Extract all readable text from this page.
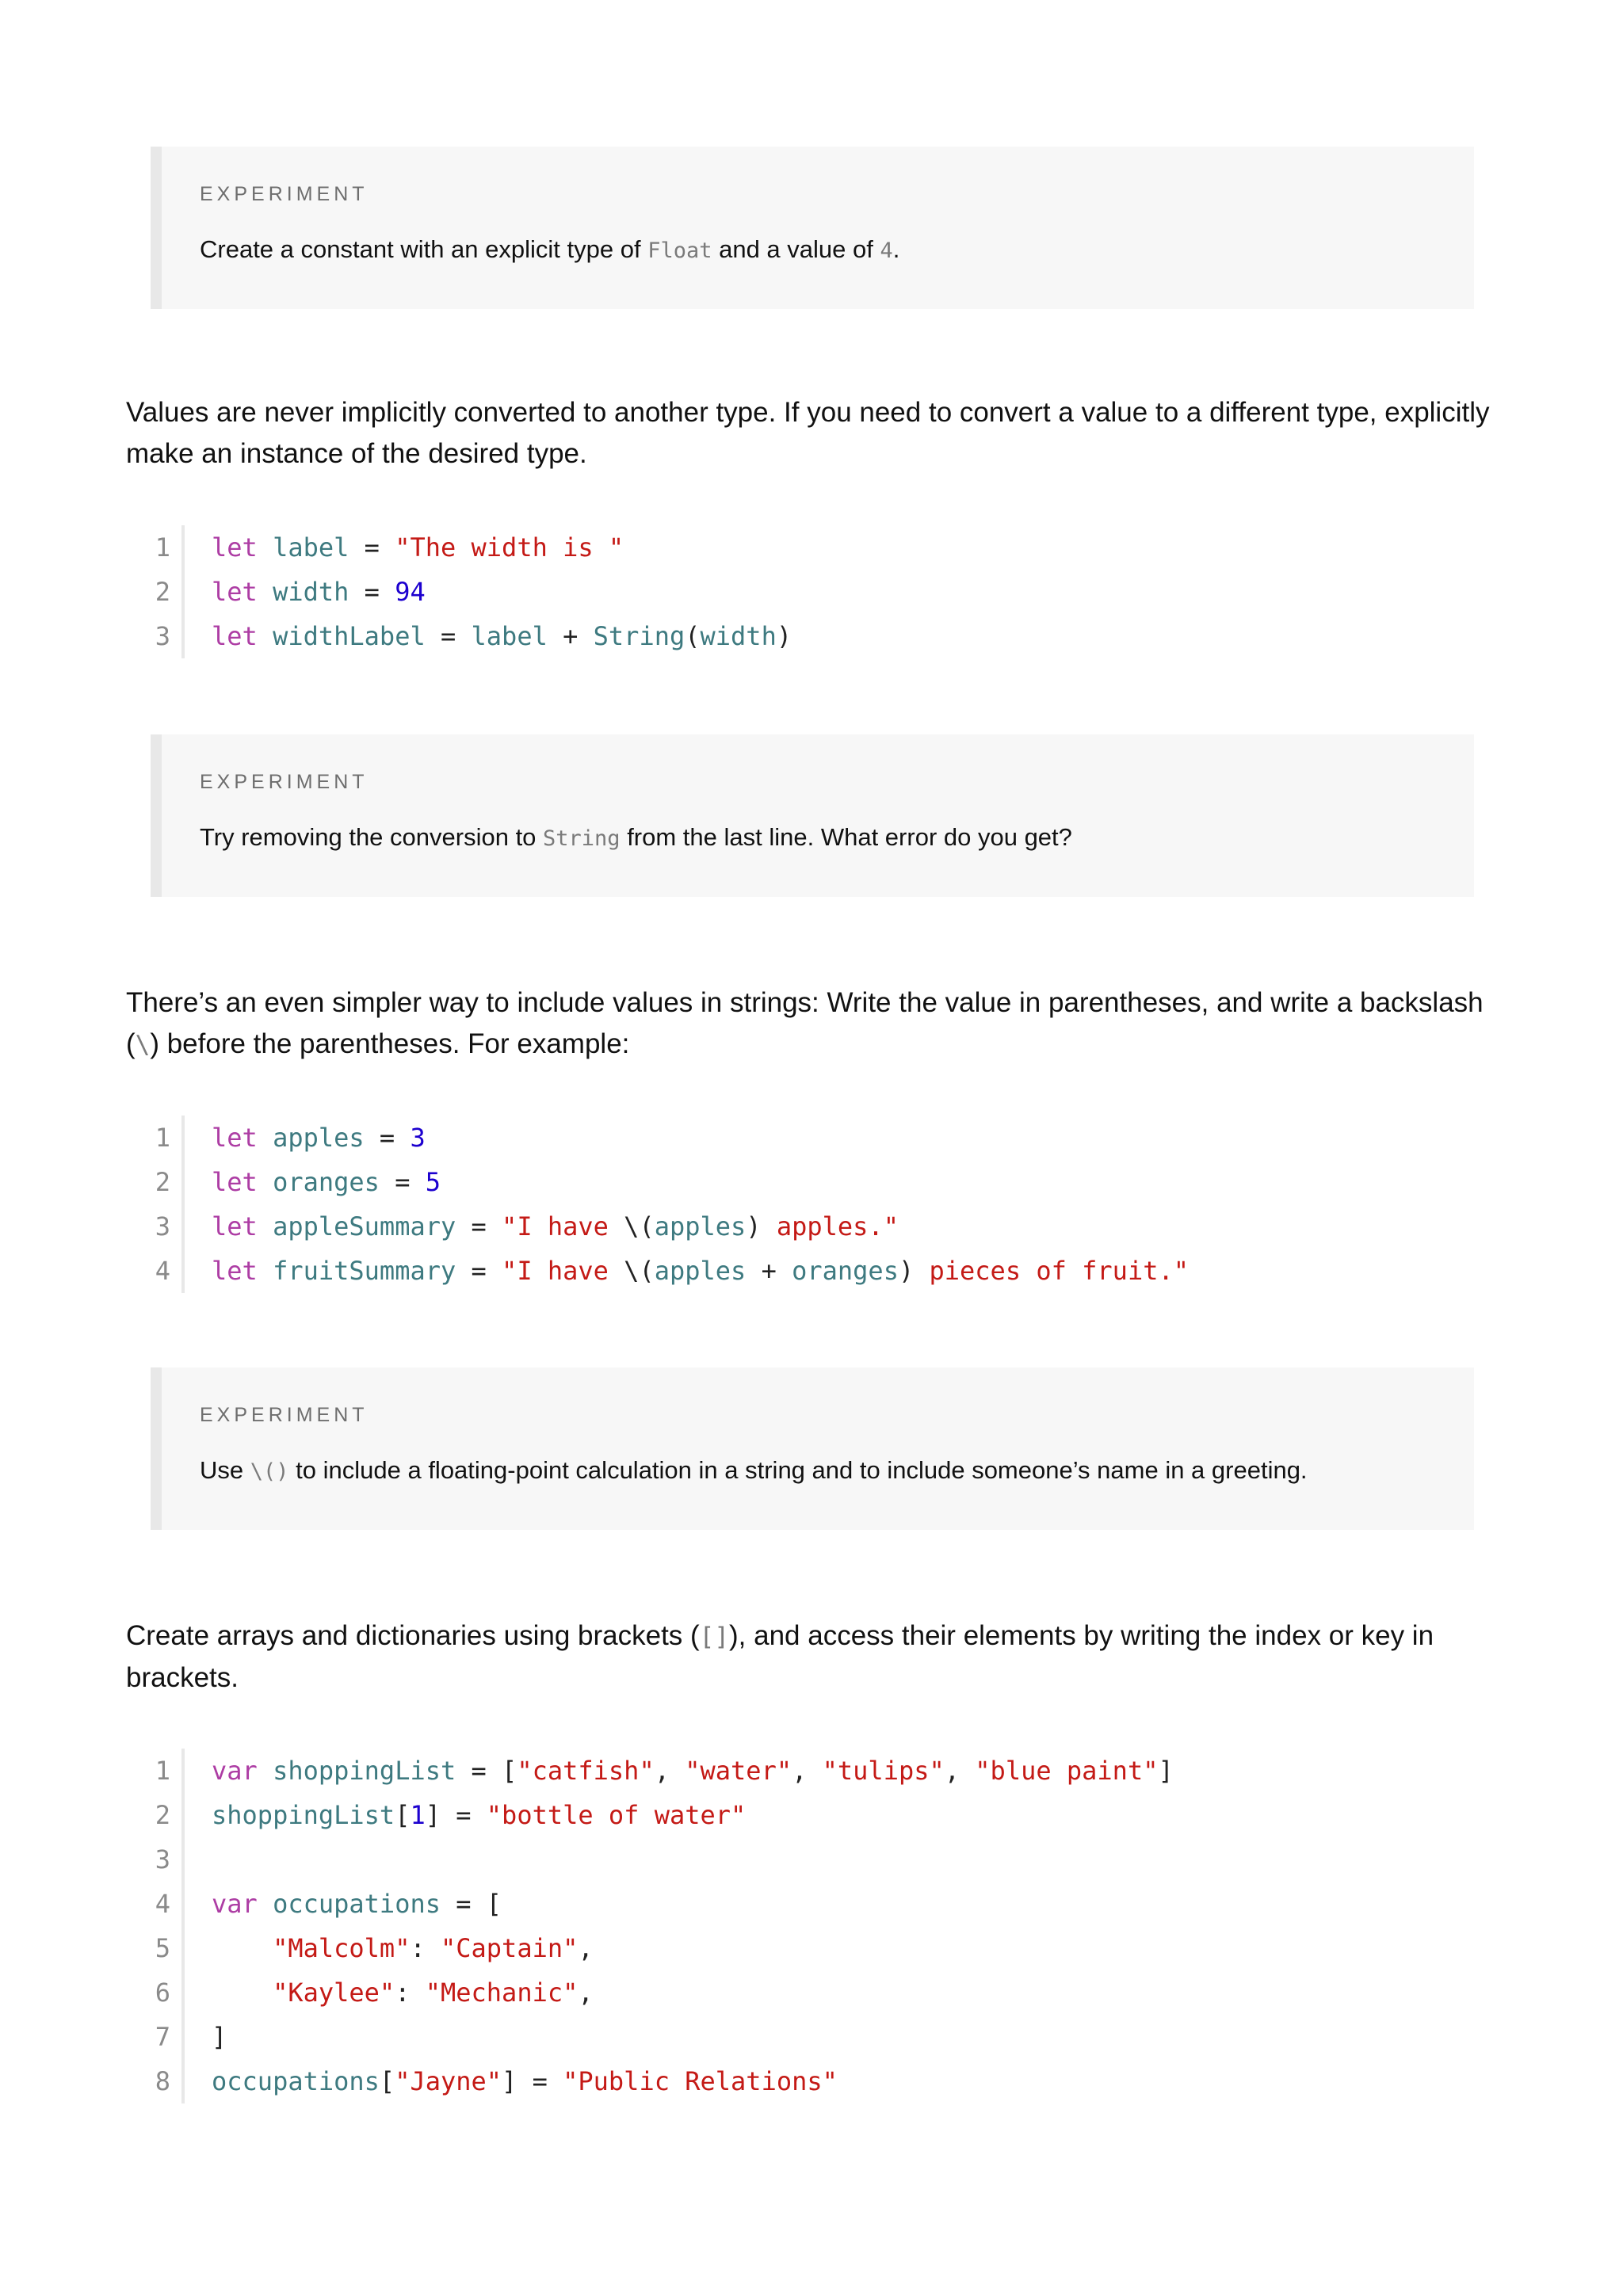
EXPERIMENT
Create a constant with an explicit type of Float and a value of 4.
Values are never implicitly converted to another type. If you need to convert a value to a different type, explicitly make an instance of the desired type.
1
2
3
let label = "The width is "
let width = 94
let widthLabel = label + String(width)
EXPERIMENT
Try removing the conversion to String from the last line. What error do you get?
There’s an even simpler way to include values in strings: Write the value in parentheses, and write a backslash (\) before the parentheses. For example:
1
2
3
4
let apples = 3
let oranges = 5
let appleSummary = "I have \(apples) apples."
let fruitSummary = "I have \(apples + oranges) pieces of fruit."
EXPERIMENT
Use \() to include a floating-point calculation in a string and to include someone’s name in a greeting.
Create arrays and dictionaries using brackets ([]), and access their elements by writing the index or key in brackets.
1
2
3
4
5
6
7
8
var shoppingList = ["catfish", "water", "tulips", "blue paint"]
shoppingList[1] = "bottle of water"
var occupations = [
"Malcolm": "Captain",
"Kaylee": "Mechanic",
]
occupations["Jayne"] = "Public Relations"
